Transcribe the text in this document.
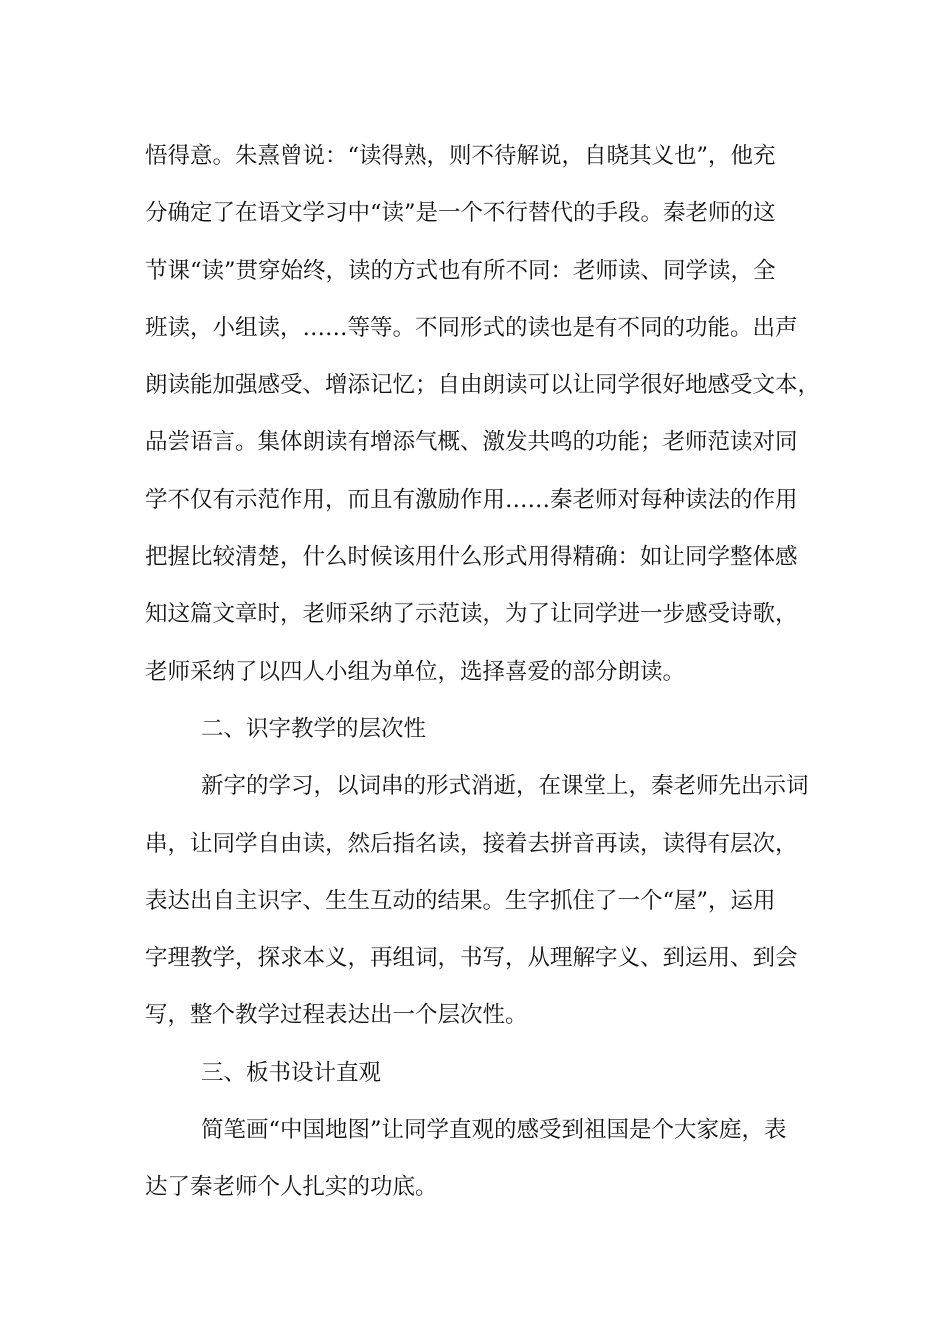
悟得意。朱熹曾说：“读得熟，则不待解说，自晓其义也”，他充
分确定了在语文学习中“读”是一个不行替代的手段。秦老师的这
节课“读”贯穿始终，读的方式也有所不同：老师读、同学读，全
班读，小组读，……等等。不同形式的读也是有不同的功能。出声
朗读能加强感受、增添记忆；自由朗读可以让同学很好地感受文本，
品尝语言。集体朗读有增添气概、激发共鸣的功能；老师范读对同
学不仅有示范作用，而且有激励作用……秦老师对每种读法的作用
把握比较清楚，什么时候该用什么形式用得精确：如让同学整体感
知这篇文章时，老师采纳了示范读，为了让同学进一步感受诗歌，
老师采纳了以四人小组为单位，选择喜爱的部分朗读。
二、识字教学的层次性
新字的学习，以词串的形式消逝，在课堂上，秦老师先出示词
串，让同学自由读，然后指名读，接着去拼音再读，读得有层次，
表达出自主识字、生生互动的结果。生字抓住了一个“屋”，运用
字理教学，探求本义，再组词，书写，从理解字义、到运用、到会
写，整个教学过程表达出一个层次性。
三、板书设计直观
简笔画“中国地图”让同学直观的感受到祖国是个大家庭，表
达了秦老师个人扎实的功底。
